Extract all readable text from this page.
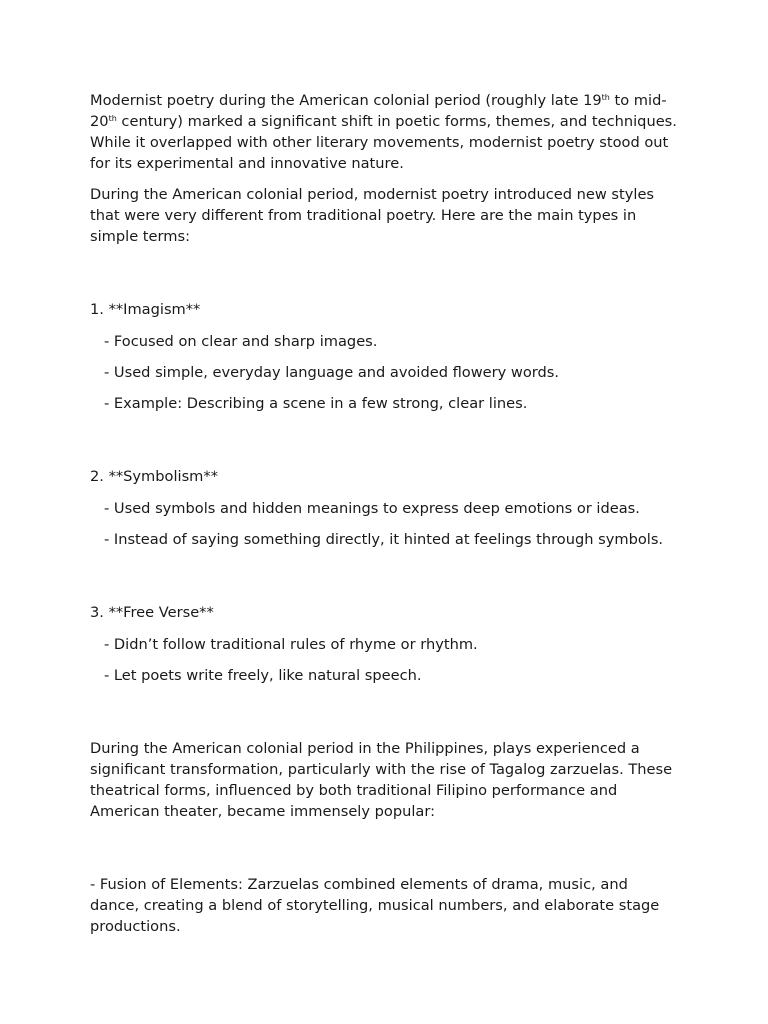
Modernist poetry during the American colonial period (roughly late 19th to mid-20th century) marked a significant shift in poetic forms, themes, and techniques. While it overlapped with other literary movements, modernist poetry stood out for its experimental and innovative nature.

During the American colonial period, modernist poetry introduced new styles that were very different from traditional poetry. Here are the main types in simple terms:

1. **Imagism**

- Focused on clear and sharp images.

- Used simple, everyday language and avoided flowery words.

- Example: Describing a scene in a few strong, clear lines.

2. **Symbolism**

- Used symbols and hidden meanings to express deep emotions or ideas.

- Instead of saying something directly, it hinted at feelings through symbols.

3. **Free Verse**

- Didn’t follow traditional rules of rhyme or rhythm.

- Let poets write freely, like natural speech.

During the American colonial period in the Philippines, plays experienced a significant transformation, particularly with the rise of Tagalog zarzuelas. These theatrical forms, influenced by both traditional Filipino performance and American theater, became immensely popular:

- Fusion of Elements: Zarzuelas combined elements of drama, music, and dance, creating a blend of storytelling, musical numbers, and elaborate stage productions.
